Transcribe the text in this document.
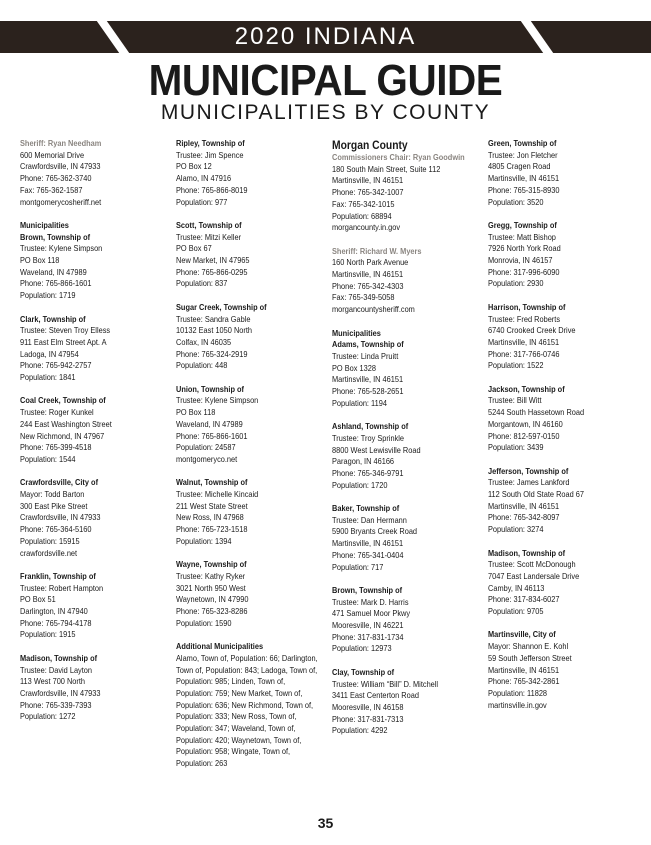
2020 INDIANA
MUNICIPAL GUIDE
MUNICIPALITIES BY COUNTY
Sheriff: Ryan Needham
600 Memorial Drive
Crawfordsville, IN 47933
Phone: 765-362-3740
Fax: 765-362-1587
montgomerycosheriff.net
Municipalities
Brown, Township of
Trustee: Kylene Simpson
PO Box 118
Waveland, IN 47989
Phone: 765-866-1601
Population: 1719
Clark, Township of
Trustee: Steven Troy Elless
911 East Elm Street Apt. A
Ladoga, IN 47954
Phone: 765-942-2757
Population: 1841
Coal Creek, Township of
Trustee: Roger Kunkel
244 East Washington Street
New Richmond, IN 47967
Phone: 765-399-4518
Population: 1544
Crawfordsville, City of
Mayor: Todd Barton
300 East Pike Street
Crawfordsville, IN 47933
Phone: 765-364-5160
Population: 15915
crawfordsville.net
Franklin, Township of
Trustee: Robert Hampton
PO Box 51
Darlington, IN 47940
Phone: 765-794-4178
Population: 1915
Madison, Township of
Trustee: David Layton
113 West 700 North
Crawfordsville, IN 47933
Phone: 765-339-7393
Population: 1272
Ripley, Township of
Trustee: Jim Spence
PO Box 12
Alamo, IN 47916
Phone: 765-866-8019
Population: 977
Scott, Township of
Trustee: Mitzi Keller
PO Box 67
New Market, IN 47965
Phone: 765-866-0295
Population: 837
Sugar Creek, Township of
Trustee: Sandra Gable
10132 East 1050 North
Colfax, IN 46035
Phone: 765-324-2919
Population: 448
Union, Township of
Trustee: Kylene Simpson
PO Box 118
Waveland, IN 47989
Phone: 765-866-1601
Population: 24587
montgomeryco.net
Walnut, Township of
Trustee: Michelle Kincaid
211 West State Street
New Ross, IN 47968
Phone: 765-723-1518
Population: 1394
Wayne, Township of
Trustee: Kathy Ryker
3021 North 950 West
Waynetown, IN 47990
Phone: 765-323-8286
Population: 1590
Additional Municipalities
Alamo, Town of, Population: 66; Darlington, Town of, Population: 843; Ladoga, Town of, Population: 985; Linden, Town of, Population: 759; New Market, Town of, Population: 636; New Richmond, Town of, Population: 333; New Ross, Town of, Population: 347; Waveland, Town of, Population: 420; Waynetown, Town of, Population: 958; Wingate, Town of, Population: 263
Morgan County
Commissioners Chair: Ryan Goodwin
180 South Main Street, Suite 112
Martinsville, IN 46151
Phone: 765-342-1007
Fax: 765-342-1015
Population: 68894
morgancounty.in.gov
Sheriff: Richard W. Myers
160 North Park Avenue
Martinsville, IN 46151
Phone: 765-342-4303
Fax: 765-349-5058
morgancountysheriff.com
Municipalities
Adams, Township of
Trustee: Linda Pruitt
PO Box 1328
Martinsville, IN 46151
Phone: 765-528-2651
Population: 1194
Ashland, Township of
Trustee: Troy Sprinkle
8800 West Lewisville Road
Paragon, IN 46166
Phone: 765-346-9791
Population: 1720
Baker, Township of
Trustee: Dan Hermann
5900 Bryants Creek Road
Martinsville, IN 46151
Phone: 765-341-0404
Population: 717
Brown, Township of
Trustee: Mark D. Harris
471 Samuel Moor Pkwy
Mooresville, IN 46221
Phone: 317-831-1734
Population: 12973
Clay, Township of
Trustee: William “Bill” D. Mitchell
3411 East Centerton Road
Mooresville, IN 46158
Phone: 317-831-7313
Population: 4292
Green, Township of
Trustee: Jon Fletcher
4805 Cragen Road
Martinsville, IN 46151
Phone: 765-315-8930
Population: 3520
Gregg, Township of
Trustee: Matt Bishop
7926 North York Road
Monrovia, IN 46157
Phone: 317-996-6090
Population: 2930
Harrison, Township of
Trustee: Fred Roberts
6740 Crooked Creek Drive
Martinsville, IN 46151
Phone: 317-766-0746
Population: 1522
Jackson, Township of
Trustee: Bill Witt
5244 South Hassetown Road
Morgantown, IN 46160
Phone: 812-597-0150
Population: 3439
Jefferson, Township of
Trustee: James Lankford
112 South Old State Road 67
Martinsville, IN 46151
Phone: 765-342-8097
Population: 3274
Madison, Township of
Trustee: Scott McDonough
7047 East Landersale Drive
Camby, IN 46113
Phone: 317-834-6027
Population: 9705
Martinsville, City of
Mayor: Shannon E. Kohl
59 South Jefferson Street
Martinsville, IN 46151
Phone: 765-342-2861
Population: 11828
martinsville.in.gov
35
